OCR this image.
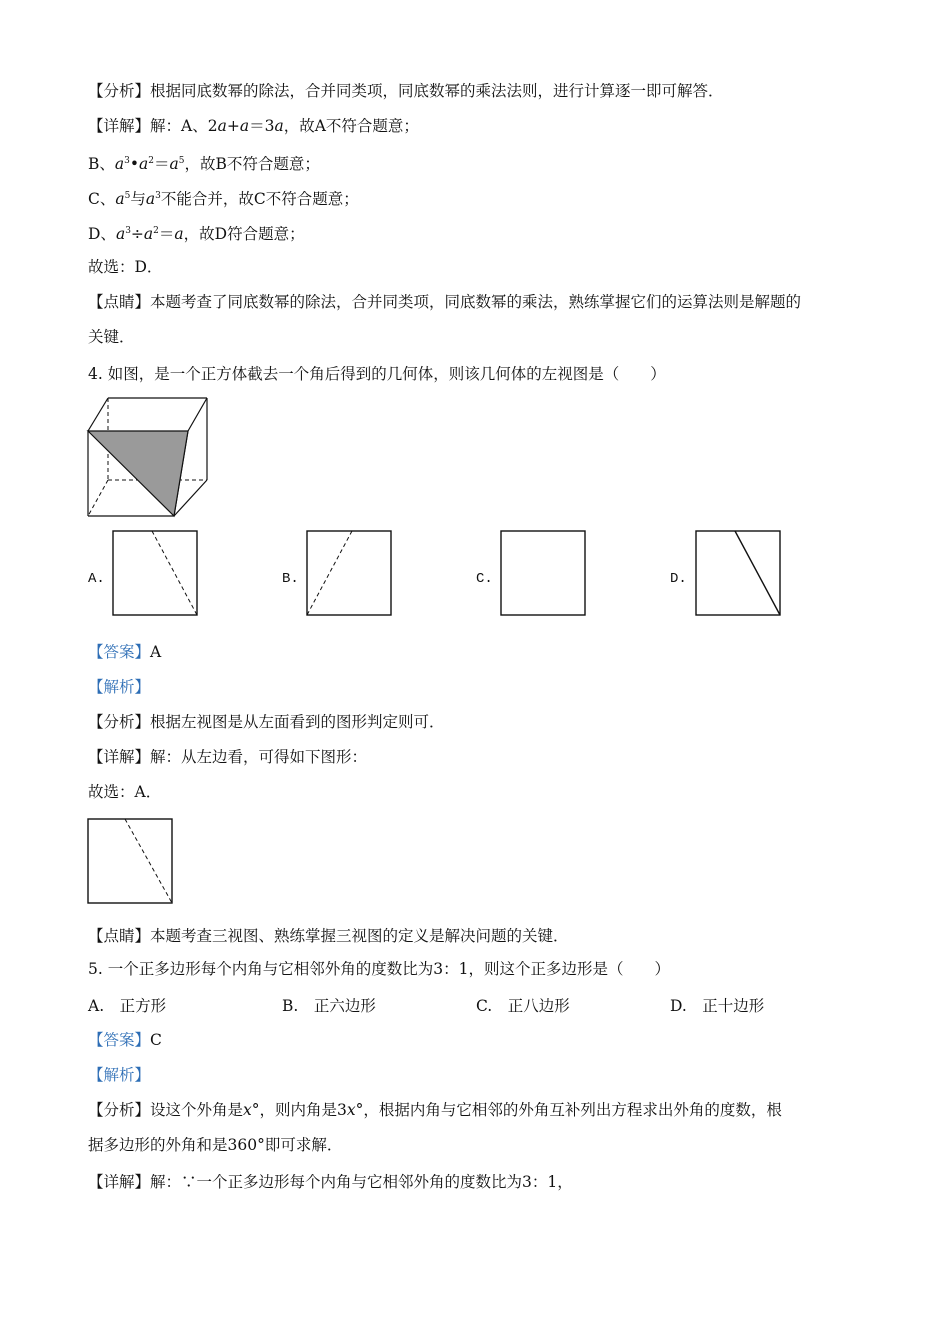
【分析】根据同底数幂的除法，合并同类项，同底数幂的乘法法则，进行计算逐一即可解答．
【详解】解：A、2a+a＝3a，故A不符合题意；
B、$a^3•a^2=a^5$，故B不符合题意；
C、$a^5$与$a^3$不能合并，故C不符合题意；
D、$a^3\div a^2=a$，故D符合题意；
故选：D．
【点睛】本题考查了同底数幂的除法，合并同类项，同底数幂的乘法，熟练掌握它们的运算法则是解题的
关键．
4. 如图，是一个正方体截去一个角后得到的几何体，则该几何体的左视图是（　　）
A.	B.	C.	D.
【答案】A
【解析】
【分析】根据左视图是从左面看到的图形判定则可．
【详解】解：从左边看，可得如下图形：
故选：A．
【点睛】本题考查三视图、熟练掌握三视图的定义是解决问题的关键．
5. 一个正多边形每个内角与它相邻外角的度数比为3：1，则这个正多边形是（　　）
A.　正方形	B.　正六边形	C.　正八边形	D.　正十边形
【答案】C
【解析】
【分析】设这个外角是x°，则内角是3x°，根据内角与它相邻的外角互补列出方程求出外角的度数，根
据多边形的外角和是360°即可求解．
【详解】解：∵一个正多边形每个内角与它相邻外角的度数比为3：1，
